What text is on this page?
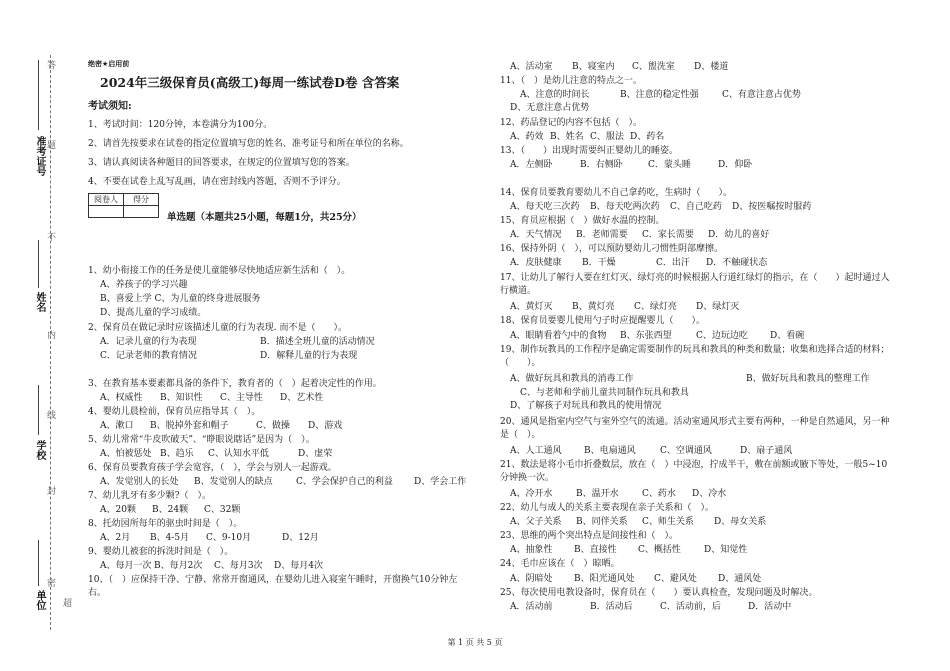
答
题
不
内
线
封
密
超
准考证号
姓名
学校
单位
绝密★启用前
2024年三级保育员(高级工)每周一练试卷D卷 含答案
考试须知:
1、考试时间：120分钟，本卷满分为100分。
2、请首先按要求在试卷的指定位置填写您的姓名、准考证号和所在单位的名称。
3、请认真阅读各种题目的回答要求，在规定的位置填写您的答案。
4、不要在试卷上乱写乱画，请在密封线内答题，否则不予评分。
阅卷人	得分

单选题（本题共25小题，每题1分，共25分）
1、幼小衔接工作的任务是使儿童能够尽快地适应新生活和（　）。
A、养孩子的学习兴趣
B、喜爱上学 C、为儿童的终身进展服务
D、提高儿童的学习成绩。
2、保育员在做记录时应该描述儿童的行为表现. 而不是（　　）。
A．记录儿童的行为表现	B．描述全班儿童的活动情况
C．记录老师的教育情况	D．解释儿童的行为表现
3、在教育基本要素都具备的条件下，教育者的（　）起着决定性的作用。
A、权威性 B、知识性 C、主导性 D、艺术性
4、婴幼儿晨检前，保育员应指导其（　）。
A、漱口 B、脱掉外套和帽子	C、做操 D、游戏
5、幼儿常常“牛皮吹破天”、“睁眼说瞎话”是因为（　）。
A、怕被惩处 B、趋乐 C、认知水平低	D、虚荣
6、保育员要教育孩子学会宽容，（　），学会与别人一起游戏。
A、发觉别人的长处 B、发觉别人的缺点	C、学会保护自己的利益 D、学会工作
7、幼儿乳牙有多少颗?（　）。
A、20颗 B、24颗 C、32颗
8、托幼园所每年的驱虫时间是（　）。
A、2月 B、4-5月 C、9-10月	D、12月
9、婴幼儿被套的拆洗时间是（　）。
A、每月一次 B、每月2次 C、每月3次 D、每月4次
10、（　）应保持干净、宁静、常常开窗通风，在婴幼儿进入寝室午睡时，开窗换气10分钟左右。
A、活动室 B、寝室内 C、盥洗室 D、楼道
11、（　）是幼儿注意的特点之一。
A、注意的时间长	B、注意的稳定性强	C、有意注意占优势D、无意注意占优势
12、药品登记的内容不包括（　）。
A、药效 B、姓名 C、服法 D、药名
13、（　　）出现时需要纠正婴幼儿的睡姿。
A．左侧卧	B．右侧卧	C．蒙头睡	D．仰卧
14、保育员要教育婴幼儿不自己拿药吃，生病时（　　）。
A、每天吃三次药 B、每天吃两次药 C、自己吃药 D、按医嘱按时服药
15、育员应根据（　）做好水温的控制。
A．天气情况 B．老师需要 C．家长需要 D．幼儿的喜好
16、保持外阴（　），可以预防婴幼儿刁惯性阴部摩擦。
A．皮肤健康 B．干燥	C．出汗 D．不触碰状态
17、让幼儿了解行人要在红灯灭、绿灯亮的时候根据人行道红绿灯的指示，在（　　）起时通过人行横道。
A、黄灯灭 B、黄灯亮 C、绿灯亮 D、绿灯灭
18、保育员要婴儿使用勺子时应提醒婴儿（　　）。
A、眼睛看着勺中的食物 B、东张西望	C、边玩边吃 D、看碗
19、制作玩教具的工作程序是确定需要制作的玩具和教具的种类和数量；收集和选择合适的材料；（　　）。
A、做好玩具和教具的消毒工作	B、做好玩具和教具的整理工作
C、与老师和学前儿童共同制作玩具和教具D、了解孩子对玩具和教具的使用情况
20、通风是指室内空气与室外空气的流通。活动室通风形式主要有两种，一种是自然通风，另一种是（　）。
A、人工通风	B、电扇通风	C、空调通风	D、扇子通风
21、数法是将小毛巾折叠数层，放在（　）中浸泡，拧成半干，敷在前额或腋下等处，一般5~10分钟换一次。
A、冷开水	B、温开水	C、药水 D、冷水
22、幼儿与成人的关系主要表现在亲子关系和（　）。
A、父子关系 B、同伴关系 C、师生关系 D、母女关系
23、思维的两个突出特点是间接性和（　）。
A、抽象性 B、直接性 C、概括性	D、知觉性
24、毛巾应该在（　）晾晒。
A、阴暗处 B、阳光通风处 C、避风处 D、通风处
25、每次使用电教设备时，保育员在（　　）要认真检查，发现问题及时解决。
A．活动前	B．活动后	C．活动前，后	D．活动中
第 1 页 共 5 页
